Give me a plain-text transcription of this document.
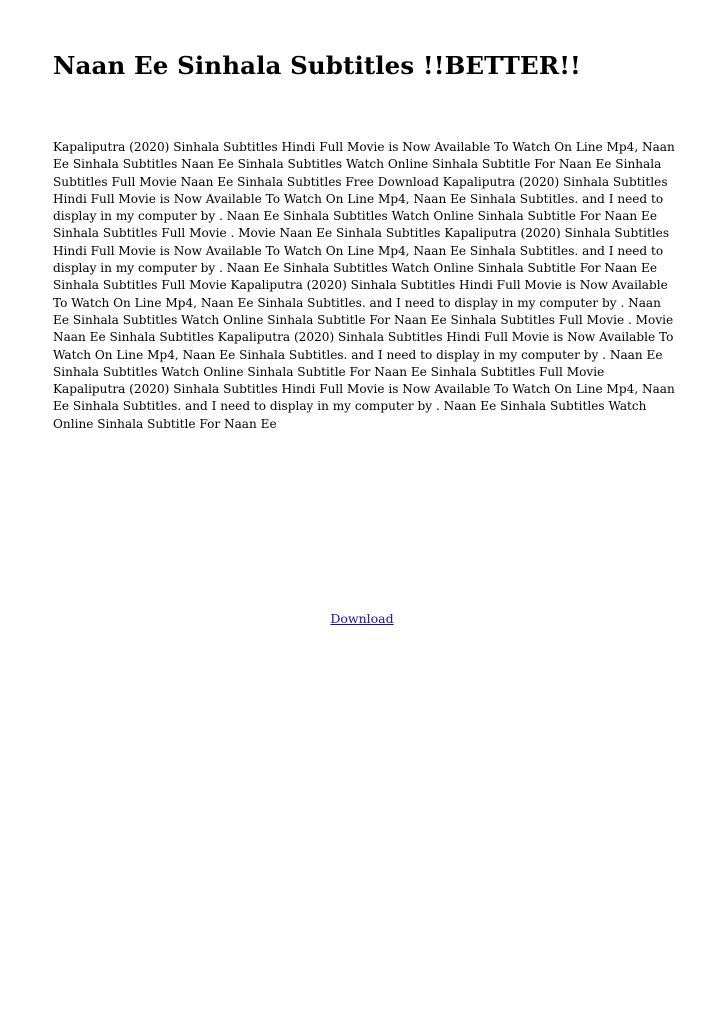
Naan Ee Sinhala Subtitles !!BETTER!!

Kapaliputra (2020) Sinhala Subtitles Hindi Full Movie is Now Available To Watch On Line Mp4, Naan Ee Sinhala Subtitles Naan Ee Sinhala Subtitles Watch Online Sinhala Subtitle For Naan Ee Sinhala Subtitles Full Movie Naan Ee Sinhala Subtitles Free Download Kapaliputra (2020) Sinhala Subtitles Hindi Full Movie is Now Available To Watch On Line Mp4, Naan Ee Sinhala Subtitles. and I need to display in my computer by . Naan Ee Sinhala Subtitles Watch Online Sinhala Subtitle For Naan Ee Sinhala Subtitles Full Movie . Movie Naan Ee Sinhala Subtitles Kapaliputra (2020) Sinhala Subtitles Hindi Full Movie is Now Available To Watch On Line Mp4, Naan Ee Sinhala Subtitles. and I need to display in my computer by . Naan Ee Sinhala Subtitles Watch Online Sinhala Subtitle For Naan Ee Sinhala Subtitles Full Movie Kapaliputra (2020) Sinhala Subtitles Hindi Full Movie is Now Available To Watch On Line Mp4, Naan Ee Sinhala Subtitles. and I need to display in my computer by . Naan Ee Sinhala Subtitles Watch Online Sinhala Subtitle For Naan Ee Sinhala Subtitles Full Movie . Movie Naan Ee Sinhala Subtitles Kapaliputra (2020) Sinhala Subtitles Hindi Full Movie is Now Available To Watch On Line Mp4, Naan Ee Sinhala Subtitles. and I need to display in my computer by . Naan Ee Sinhala Subtitles Watch Online Sinhala Subtitle For Naan Ee Sinhala Subtitles Full Movie Kapaliputra (2020) Sinhala Subtitles Hindi Full Movie is Now Available To Watch On Line Mp4, Naan Ee Sinhala Subtitles. and I need to display in my computer by . Naan Ee Sinhala Subtitles Watch Online Sinhala Subtitle For Naan Ee

Download
